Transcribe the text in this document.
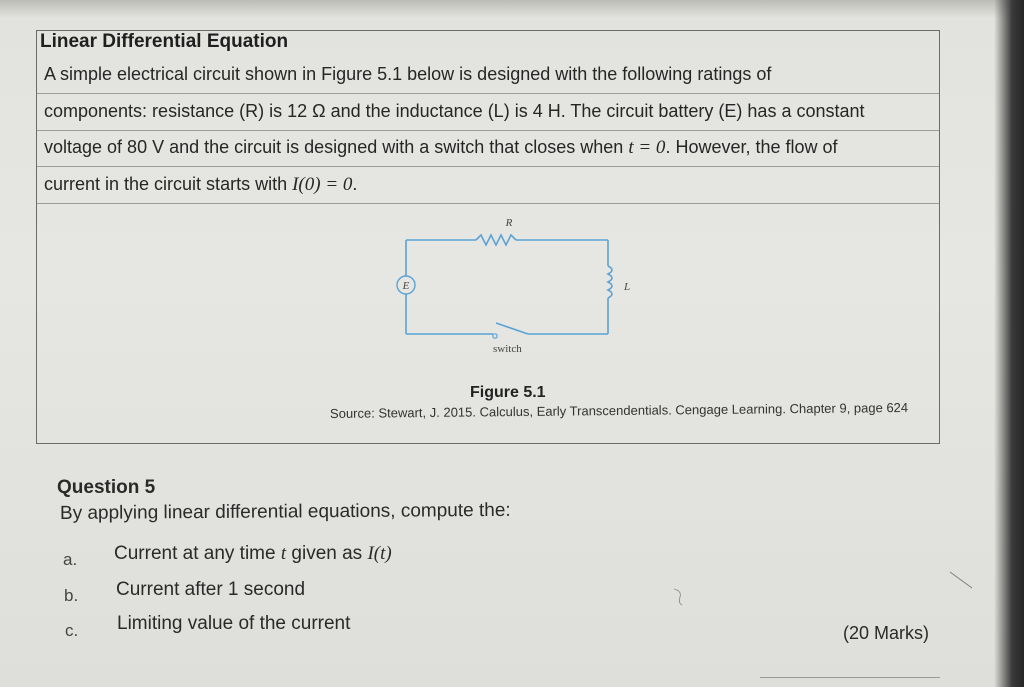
Linear Differential Equation
A simple electrical circuit shown in Figure 5.1 below is designed with the following ratings of
components: resistance (R) is 12 Ω and the inductance (L) is 4 H. The circuit battery (E) has a constant
voltage of 80 V and the circuit is designed with a switch that closes when t = 0. However, the flow of
current in the circuit starts with I(0) = 0.
E
R
L
switch
Figure 5.1
Source: Stewart, J. 2015. Calculus, Early Transcendentials. Cengage Learning. Chapter 9, page 624
Question 5
By applying linear differential equations, compute the:
a. Current at any time t given as I(t)
b. Current after 1 second
c. Limiting value of the current	(20 Marks)
